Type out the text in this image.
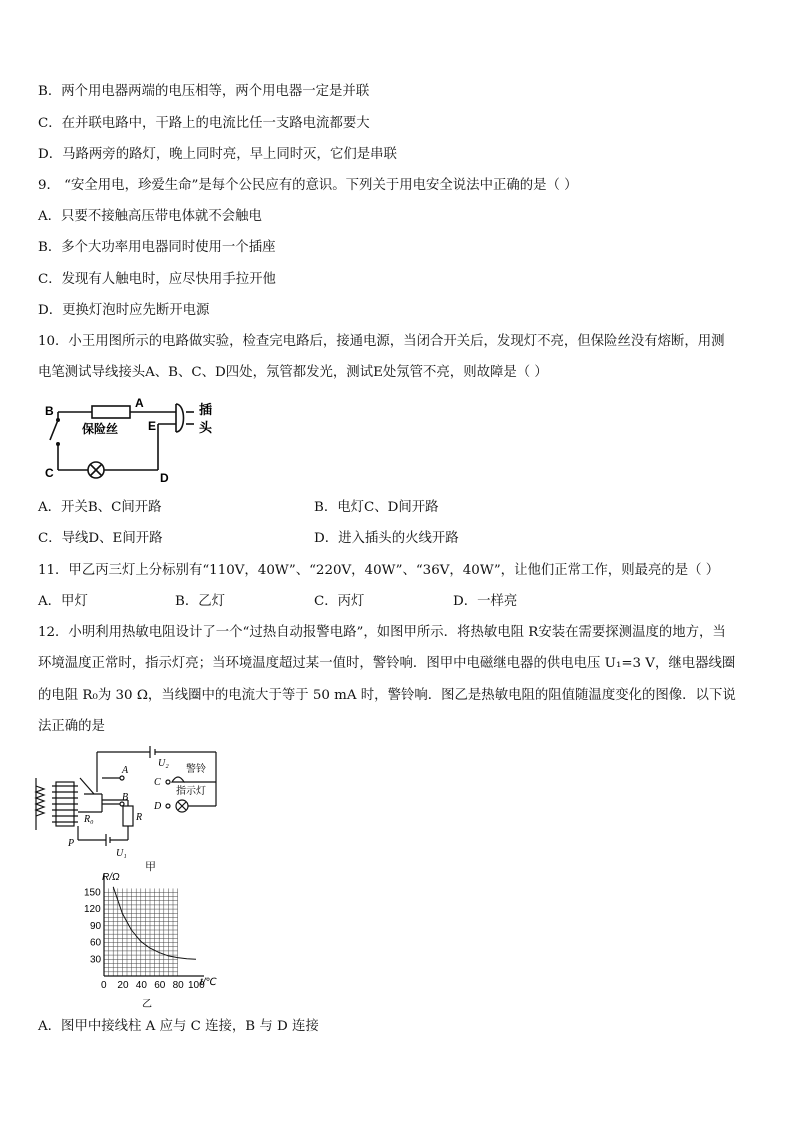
B．两个用电器两端的电压相等，两个用电器一定是并联
C．在并联电路中，干路上的电流比任一支路电流都要大
D．马路两旁的路灯，晚上同时亮，早上同时灭，它们是串联
9． “安全用电，珍爱生命”是每个公民应有的意识。下列关于用电安全说法中正确的是（ ）
A．只要不接触高压带电体就不会触电
B．多个大功率用电器同时使用一个插座
C．发现有人触电时，应尽快用手拉开他
D．更换灯泡时应先断开电源
10．小王用图所示的电路做实验，检查完电路后，接通电源，当闭合开关后，发现灯不亮，但保险丝没有熔断，用测
电笔测试导线接头A、B、C、D四处，氖管都发光，测试E处氖管不亮，则故障是（ ）
B
A
E
C	D
保险丝
插
头
A．开关B、C间开路	B．电灯C、D间开路
C．导线D、E间开路	D．进入插头的火线开路
11．甲乙丙三灯上分标别有“110V，40W”、“220V，40W”、“36V，40W”，让他们正常工作，则最亮的是（ ）
A．甲灯	B．乙灯	C．丙灯	D．一样亮
12．小明利用热敏电阻设计了一个“过热自动报警电路”，如图甲所示．将热敏电阻 R安装在需要探测温度的地方，当
环境温度正常时，指示灯亮；当环境温度超过某一值时，警铃响．图甲中电磁继电器的供电电压 U₁=3 V，继电器线圈
的电阻 R₀为 30 Ω，当线圈中的电流大于等于 50 mA 时，警铃响．图乙是热敏电阻的阻值随温度变化的图像．以下说
法正确的是
U₂
A
B
C
D
警铃
指示灯
R₀	R
P
U₁
甲
0 20 40 60 80 100
30
60
90
120
150
R/Ω
t/℃
乙
A．图甲中接线柱 A 应与 C 连接，B 与 D 连接
